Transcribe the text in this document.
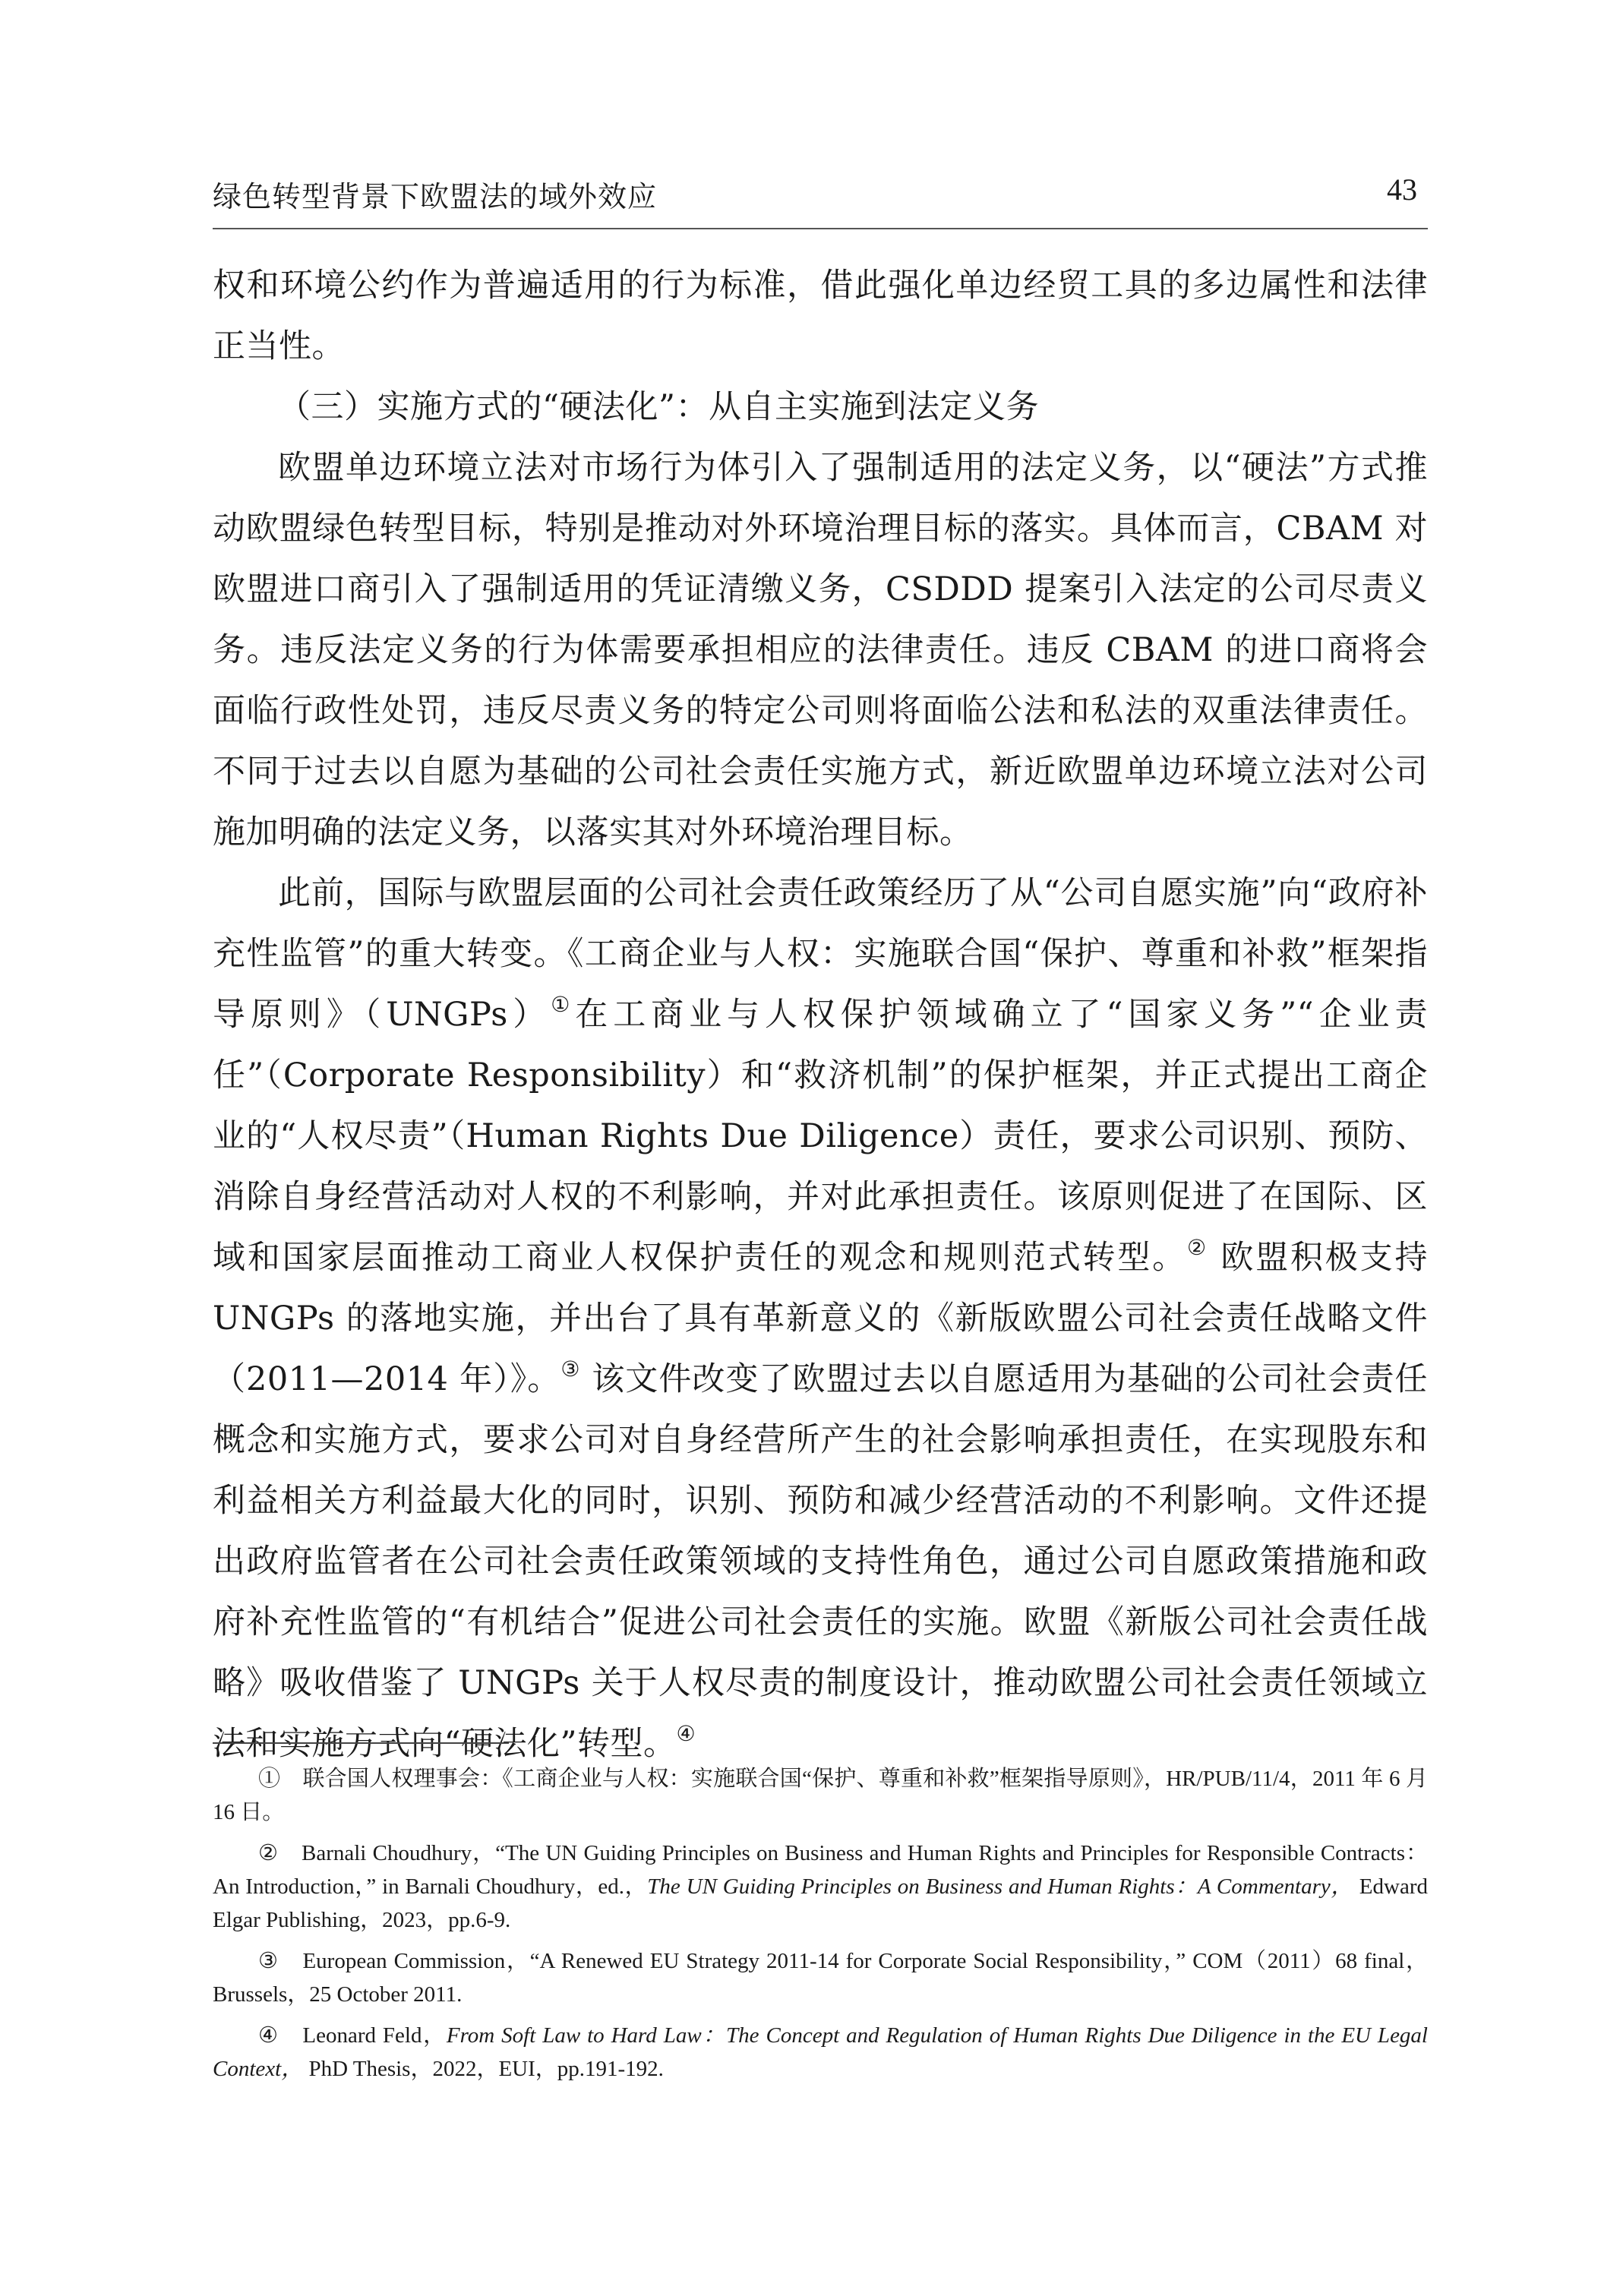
绿色转型背景下欧盟法的域外效应	43

权和环境公约作为普遍适用的行为标准，借此强化单边经贸工具的多边属性和法律正当性。

（三）实施方式的“硬法化”：从自主实施到法定义务

欧盟单边环境立法对市场行为体引入了强制适用的法定义务，以“硬法”方式推动欧盟绿色转型目标，特别是推动对外环境治理目标的落实。具体而言，CBAM 对欧盟进口商引入了强制适用的凭证清缴义务，CSDDD 提案引入法定的公司尽责义务。违反法定义务的行为体需要承担相应的法律责任。违反 CBAM 的进口商将会面临行政性处罚，违反尽责义务的特定公司则将面临公法和私法的双重法律责任。不同于过去以自愿为基础的公司社会责任实施方式，新近欧盟单边环境立法对公司施加明确的法定义务，以落实其对外环境治理目标。

此前，国际与欧盟层面的公司社会责任政策经历了从“公司自愿实施”向“政府补充性监管”的重大转变。《工商企业与人权：实施联合国“保护、尊重和补救”框架指导原则》（UNGPs）①在工商业与人权保护领域确立了“国家义务”“企业责任”（Corporate Responsibility）和“救济机制”的保护框架，并正式提出工商企业的“人权尽责”（Human Rights Due Diligence）责任，要求公司识别、预防、消除自身经营活动对人权的不利影响，并对此承担责任。该原则促进了在国际、区域和国家层面推动工商业人权保护责任的观念和规则范式转型。② 欧盟积极支持 UNGPs 的落地实施，并出台了具有革新意义的《新版欧盟公司社会责任战略文件（2011—2014 年）》。③ 该文件改变了欧盟过去以自愿适用为基础的公司社会责任概念和实施方式，要求公司对自身经营所产生的社会影响承担责任，在实现股东和利益相关方利益最大化的同时，识别、预防和减少经营活动的不利影响。文件还提出政府监管者在公司社会责任政策领域的支持性角色，通过公司自愿政策措施和政府补充性监管的“有机结合”促进公司社会责任的实施。欧盟《新版公司社会责任战略》吸收借鉴了 UNGPs 关于人权尽责的制度设计，推动欧盟公司社会责任领域立法和实施方式向“硬法化”转型。④

①　联合国人权理事会：《工商企业与人权：实施联合国“保护、尊重和补救”框架指导原则》，HR/PUB/11/4，2011 年 6 月 16 日。

②　Barnali Choudhury，“The UN Guiding Principles on Business and Human Rights and Principles for Responsible Contracts：An Introduction，” in Barnali Choudhury，ed.，The UN Guiding Principles on Business and Human Rights：A Commentary， Edward Elgar Publishing，2023，pp.6-9.

③　European Commission，“A Renewed EU Strategy 2011-14 for Corporate Social Responsibility，” COM（2011）68 final，Brussels，25 October 2011.

④　Leonard Feld，From Soft Law to Hard Law：The Concept and Regulation of Human Rights Due Diligence in the EU Legal Context， PhD Thesis，2022，EUI，pp.191-192.
